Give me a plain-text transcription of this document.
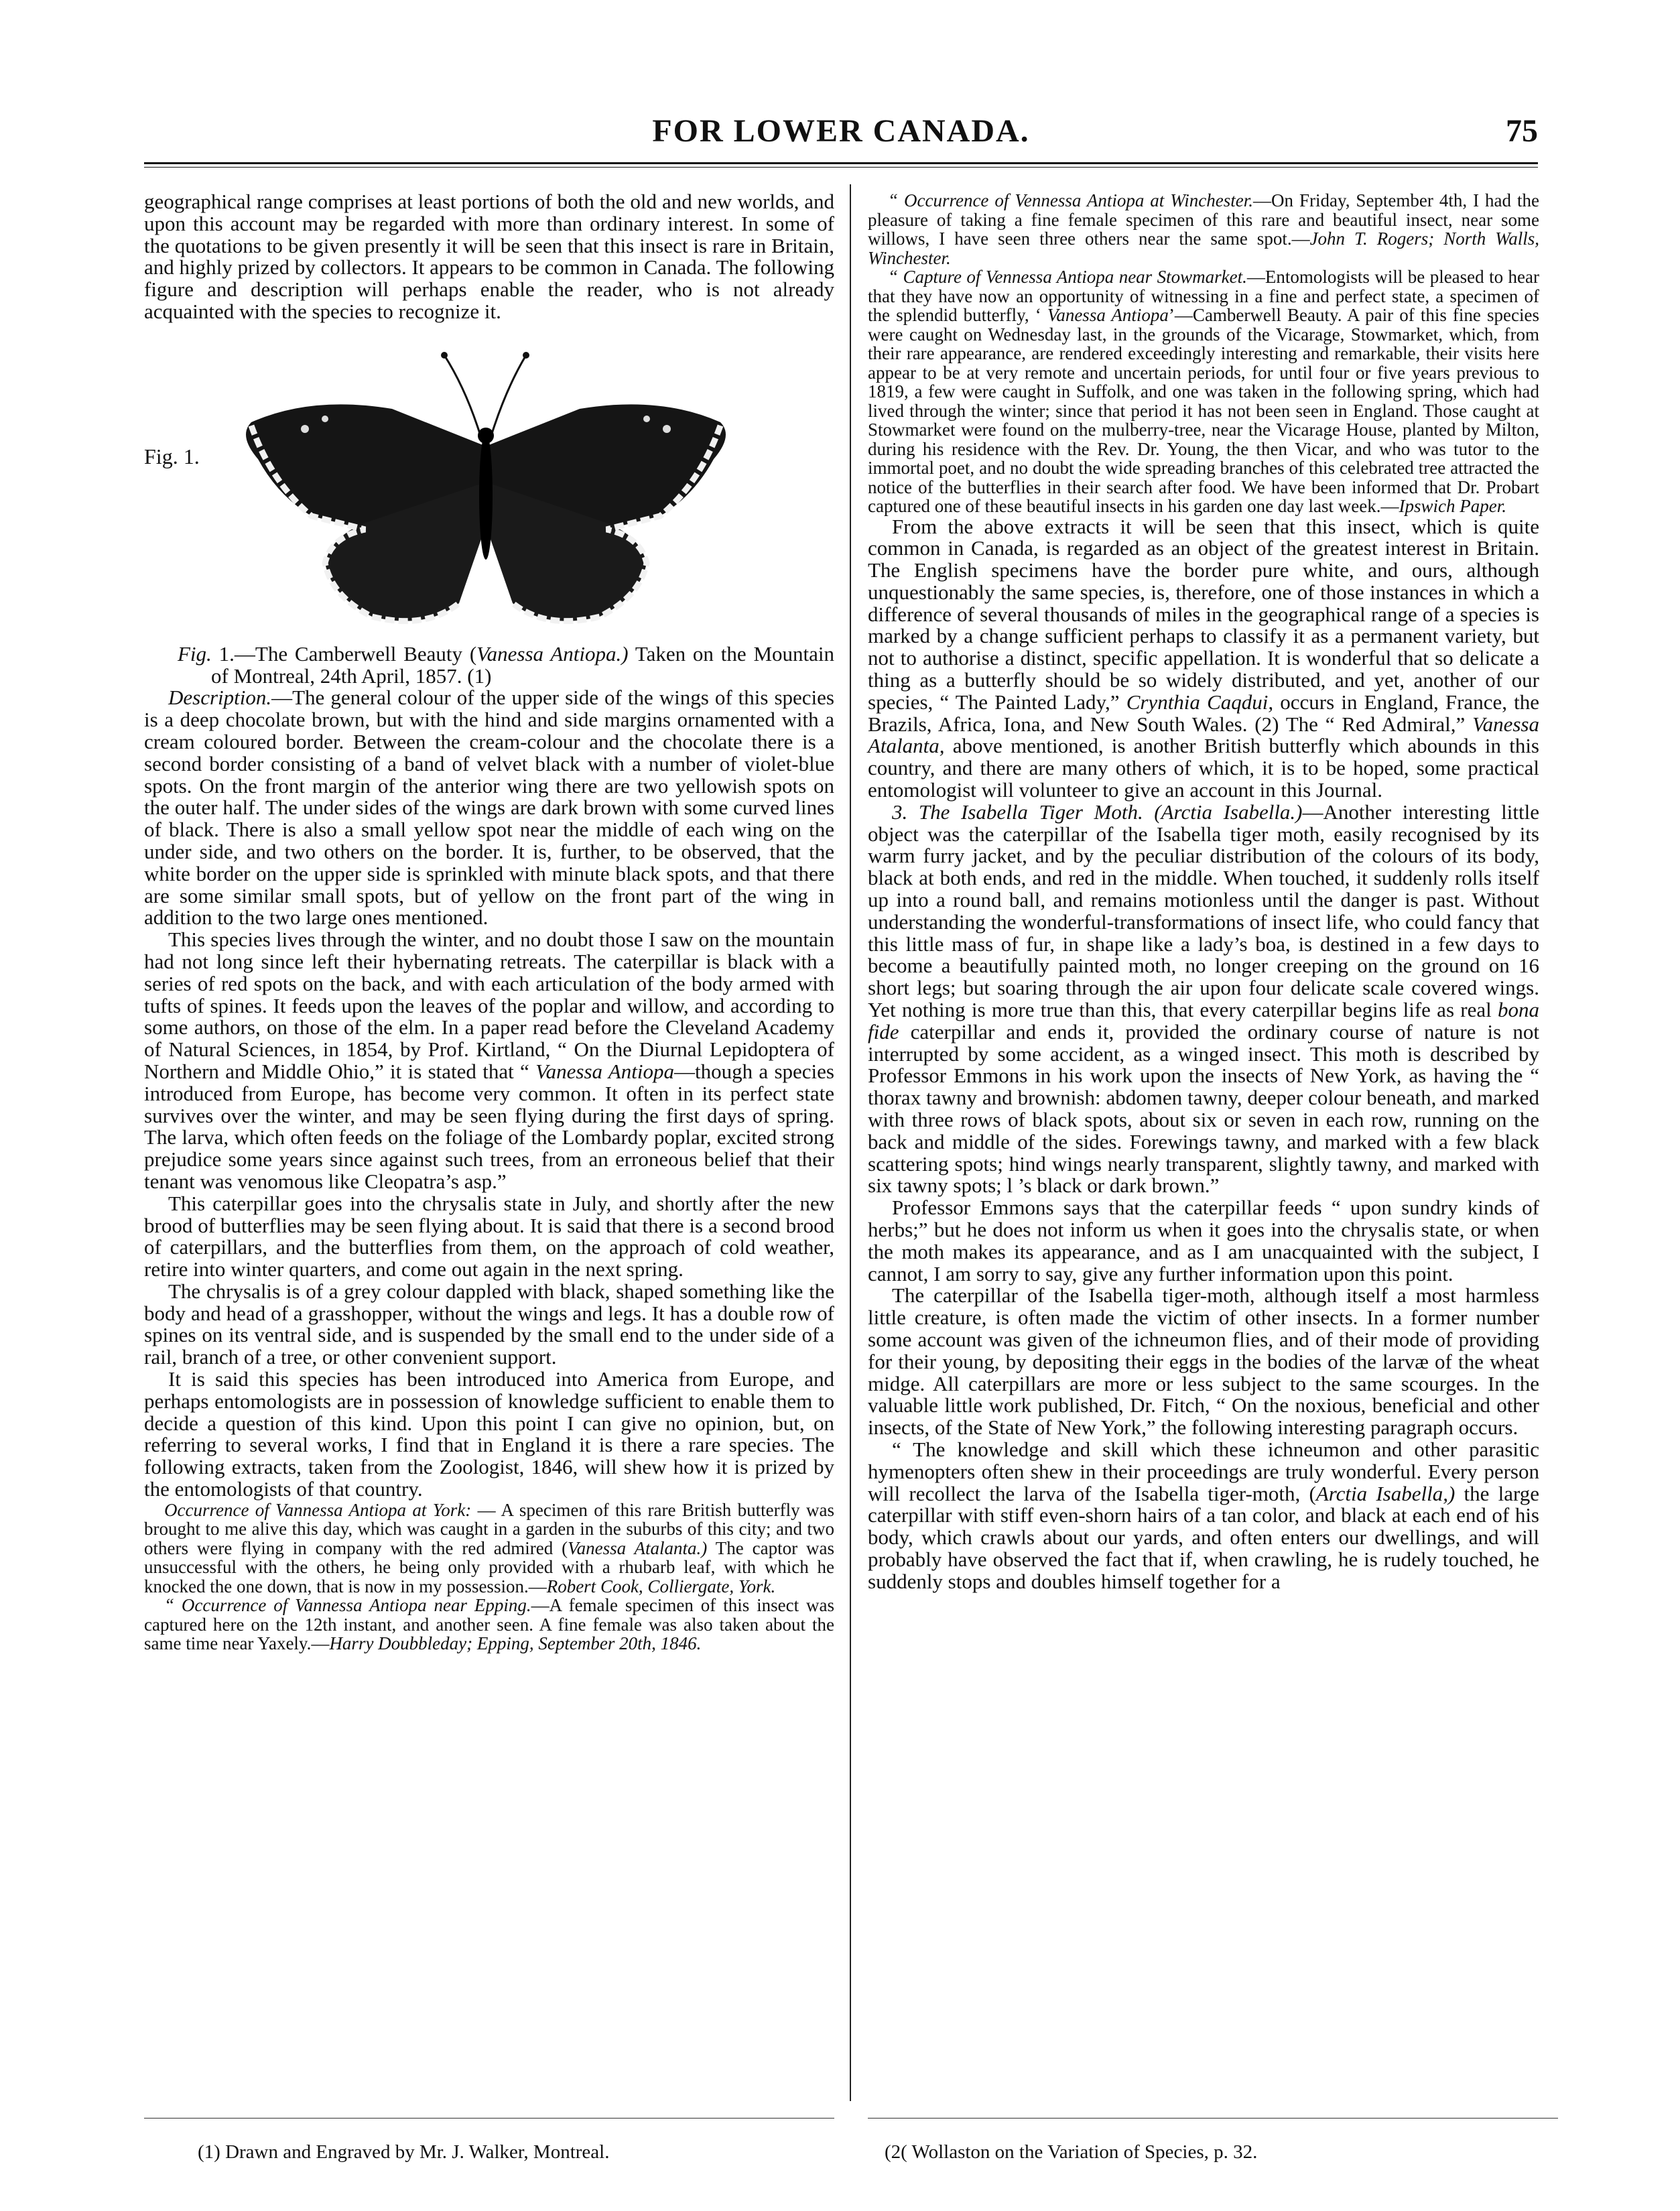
FOR LOWER CANADA.	75

geographical range comprises at least portions of both the old and new worlds, and upon this account may be regarded with more than ordinary interest. In some of the quotations to be given presently it will be seen that this insect is rare in Britain, and highly prized by collectors. It appears to be common in Canada. The following figure and description will perhaps enable the reader, who is not already acquainted with the species to recognize it.

Fig. 1.

Fig. 1.—The Camberwell Beauty (Vanessa Antiopa.) Taken on the Mountain of Montreal, 24th April, 1857. (1)

Description.—The general colour of the upper side of the wings of this species is a deep chocolate brown, but with the hind and side margins ornamented with a cream coloured border. Between the cream-colour and the chocolate there is a second border consisting of a band of velvet black with a number of violet-blue spots. On the front margin of the anterior wing there are two yellowish spots on the outer half. The under sides of the wings are dark brown with some curved lines of black. There is also a small yellow spot near the middle of each wing on the under side, and two others on the border. It is, further, to be observed, that the white border on the upper side is sprinkled with minute black spots, and that there are some similar small spots, but of yellow on the front part of the wing in addition to the two large ones mentioned.

This species lives through the winter, and no doubt those I saw on the mountain had not long since left their hybernating retreats. The caterpillar is black with a series of red spots on the back, and with each articulation of the body armed with tufts of spines. It feeds upon the leaves of the poplar and willow, and according to some authors, on those of the elm. In a paper read before the Cleveland Academy of Natural Sciences, in 1854, by Prof. Kirtland, “ On the Diurnal Lepidoptera of Northern and Middle Ohio,” it is stated that “ Vanessa Antiopa—though a species introduced from Europe, has become very common. It often in its perfect state survives over the winter, and may be seen flying during the first days of spring. The larva, which often feeds on the foliage of the Lombardy poplar, excited strong prejudice some years since against such trees, from an erroneous belief that their tenant was venomous like Cleopatra’s asp.”

This caterpillar goes into the chrysalis state in July, and shortly after the new brood of butterflies may be seen flying about. It is said that there is a second brood of caterpillars, and the butterflies from them, on the approach of cold weather, retire into winter quarters, and come out again in the next spring.

The chrysalis is of a grey colour dappled with black, shaped something like the body and head of a grasshopper, without the wings and legs. It has a double row of spines on its ventral side, and is suspended by the small end to the under side of a rail, branch of a tree, or other convenient support.

It is said this species has been introduced into America from Europe, and perhaps entomologists are in possession of knowledge sufficient to enable them to decide a question of this kind. Upon this point I can give no opinion, but, on referring to several works, I find that in England it is there a rare species. The following extracts, taken from the Zoologist, 1846, will shew how it is prized by the entomologists of that country.

Occurrence of Vannessa Antiopa at York: — A specimen of this rare British butterfly was brought to me alive this day, which was caught in a garden in the suburbs of this city; and two others were flying in company with the red admired (Vanessa Atalanta.) The captor was unsuccessful with the others, he being only provided with a rhubarb leaf, with which he knocked the one down, that is now in my possession.—Robert Cook, Colliergate, York.

“ Occurrence of Vannessa Antiopa near Epping.—A female specimen of this insect was captured here on the 12th instant, and another seen. A fine female was also taken about the same time near Yaxely.—Harry Doubbleday; Epping, September 20th, 1846.

“ Occurrence of Vennessa Antiopa at Winchester.—On Friday, September 4th, I had the pleasure of taking a fine female specimen of this rare and beautiful insect, near some willows, I have seen three others near the same spot.—John T. Rogers; North Walls, Winchester.

“ Capture of Vennessa Antiopa near Stowmarket.—Entomologists will be pleased to hear that they have now an opportunity of witnessing in a fine and perfect state, a specimen of the splendid butterfly, ‘ Vanessa Antiopa’—Camberwell Beauty. A pair of this fine species were caught on Wednesday last, in the grounds of the Vicarage, Stowmarket, which, from their rare appearance, are rendered exceedingly interesting and remarkable, their visits here appear to be at very remote and uncertain periods, for until four or five years previous to 1819, a few were caught in Suffolk, and one was taken in the following spring, which had lived through the winter; since that period it has not been seen in England. Those caught at Stowmarket were found on the mulberry-tree, near the Vicarage House, planted by Milton, during his residence with the Rev. Dr. Young, the then Vicar, and who was tutor to the immortal poet, and no doubt the wide spreading branches of this celebrated tree attracted the notice of the butterflies in their search after food. We have been informed that Dr. Probart captured one of these beautiful insects in his garden one day last week.—Ipswich Paper.

From the above extracts it will be seen that this insect, which is quite common in Canada, is regarded as an object of the greatest interest in Britain. The English specimens have the border pure white, and ours, although unquestionably the same species, is, therefore, one of those instances in which a difference of several thousands of miles in the geographical range of a species is marked by a change sufficient perhaps to classify it as a permanent variety, but not to authorise a distinct, specific appellation. It is wonderful that so delicate a thing as a butterfly should be so widely distributed, and yet, another of our species, “ The Painted Lady,” Crynthia Caqdui, occurs in England, France, the Brazils, Africa, Iona, and New South Wales. (2) The “ Red Admiral,” Vanessa Atalanta, above mentioned, is another British butterfly which abounds in this country, and there are many others of which, it is to be hoped, some practical entomologist will volunteer to give an account in this Journal.

3. The Isabella Tiger Moth. (Arctia Isabella.)—Another interesting little object was the caterpillar of the Isabella tiger moth, easily recognised by its warm furry jacket, and by the peculiar distribution of the colours of its body, black at both ends, and red in the middle. When touched, it suddenly rolls itself up into a round ball, and remains motionless until the danger is past. Without understanding the wonderful-transformations of insect life, who could fancy that this little mass of fur, in shape like a lady’s boa, is destined in a few days to become a beautifully painted moth, no longer creeping on the ground on 16 short legs; but soaring through the air upon four delicate scale covered wings. Yet nothing is more true than this, that every caterpillar begins life as real bona fide caterpillar and ends it, provided the ordinary course of nature is not interrupted by some accident, as a winged insect. This moth is described by Professor Emmons in his work upon the insects of New York, as having the “ thorax tawny and brownish: abdomen tawny, deeper colour beneath, and marked with three rows of black spots, about six or seven in each row, running on the back and middle of the sides. Forewings tawny, and marked with a few black scattering spots; hind wings nearly transparent, slightly tawny, and marked with six tawny spots; l ’s black or dark brown.”

Professor Emmons says that the caterpillar feeds “ upon sundry kinds of herbs;” but he does not inform us when it goes into the chrysalis state, or when the moth makes its appearance, and as I am unacquainted with the subject, I cannot, I am sorry to say, give any further information upon this point.

The caterpillar of the Isabella tiger-moth, although itself a most harmless little creature, is often made the victim of other insects. In a former number some account was given of the ichneumon flies, and of their mode of providing for their young, by depositing their eggs in the bodies of the larvæ of the wheat midge. All caterpillars are more or less subject to the same scourges. In the valuable little work published, Dr. Fitch, “ On the noxious, beneficial and other insects, of the State of New York,” the following interesting paragraph occurs.

“ The knowledge and skill which these ichneumon and other parasitic hymenopters often shew in their proceedings are truly wonderful. Every person will recollect the larva of the Isabella tiger-moth, (Arctia Isabella,) the large caterpillar with stiff even-shorn hairs of a tan color, and black at each end of his body, which crawls about our yards, and often enters our dwellings, and will probably have observed the fact that if, when crawling, he is rudely touched, he suddenly stops and doubles himself together for a

(1) Drawn and Engraved by Mr. J. Walker, Montreal.	(2( Wollaston on the Variation of Species, p. 32.
